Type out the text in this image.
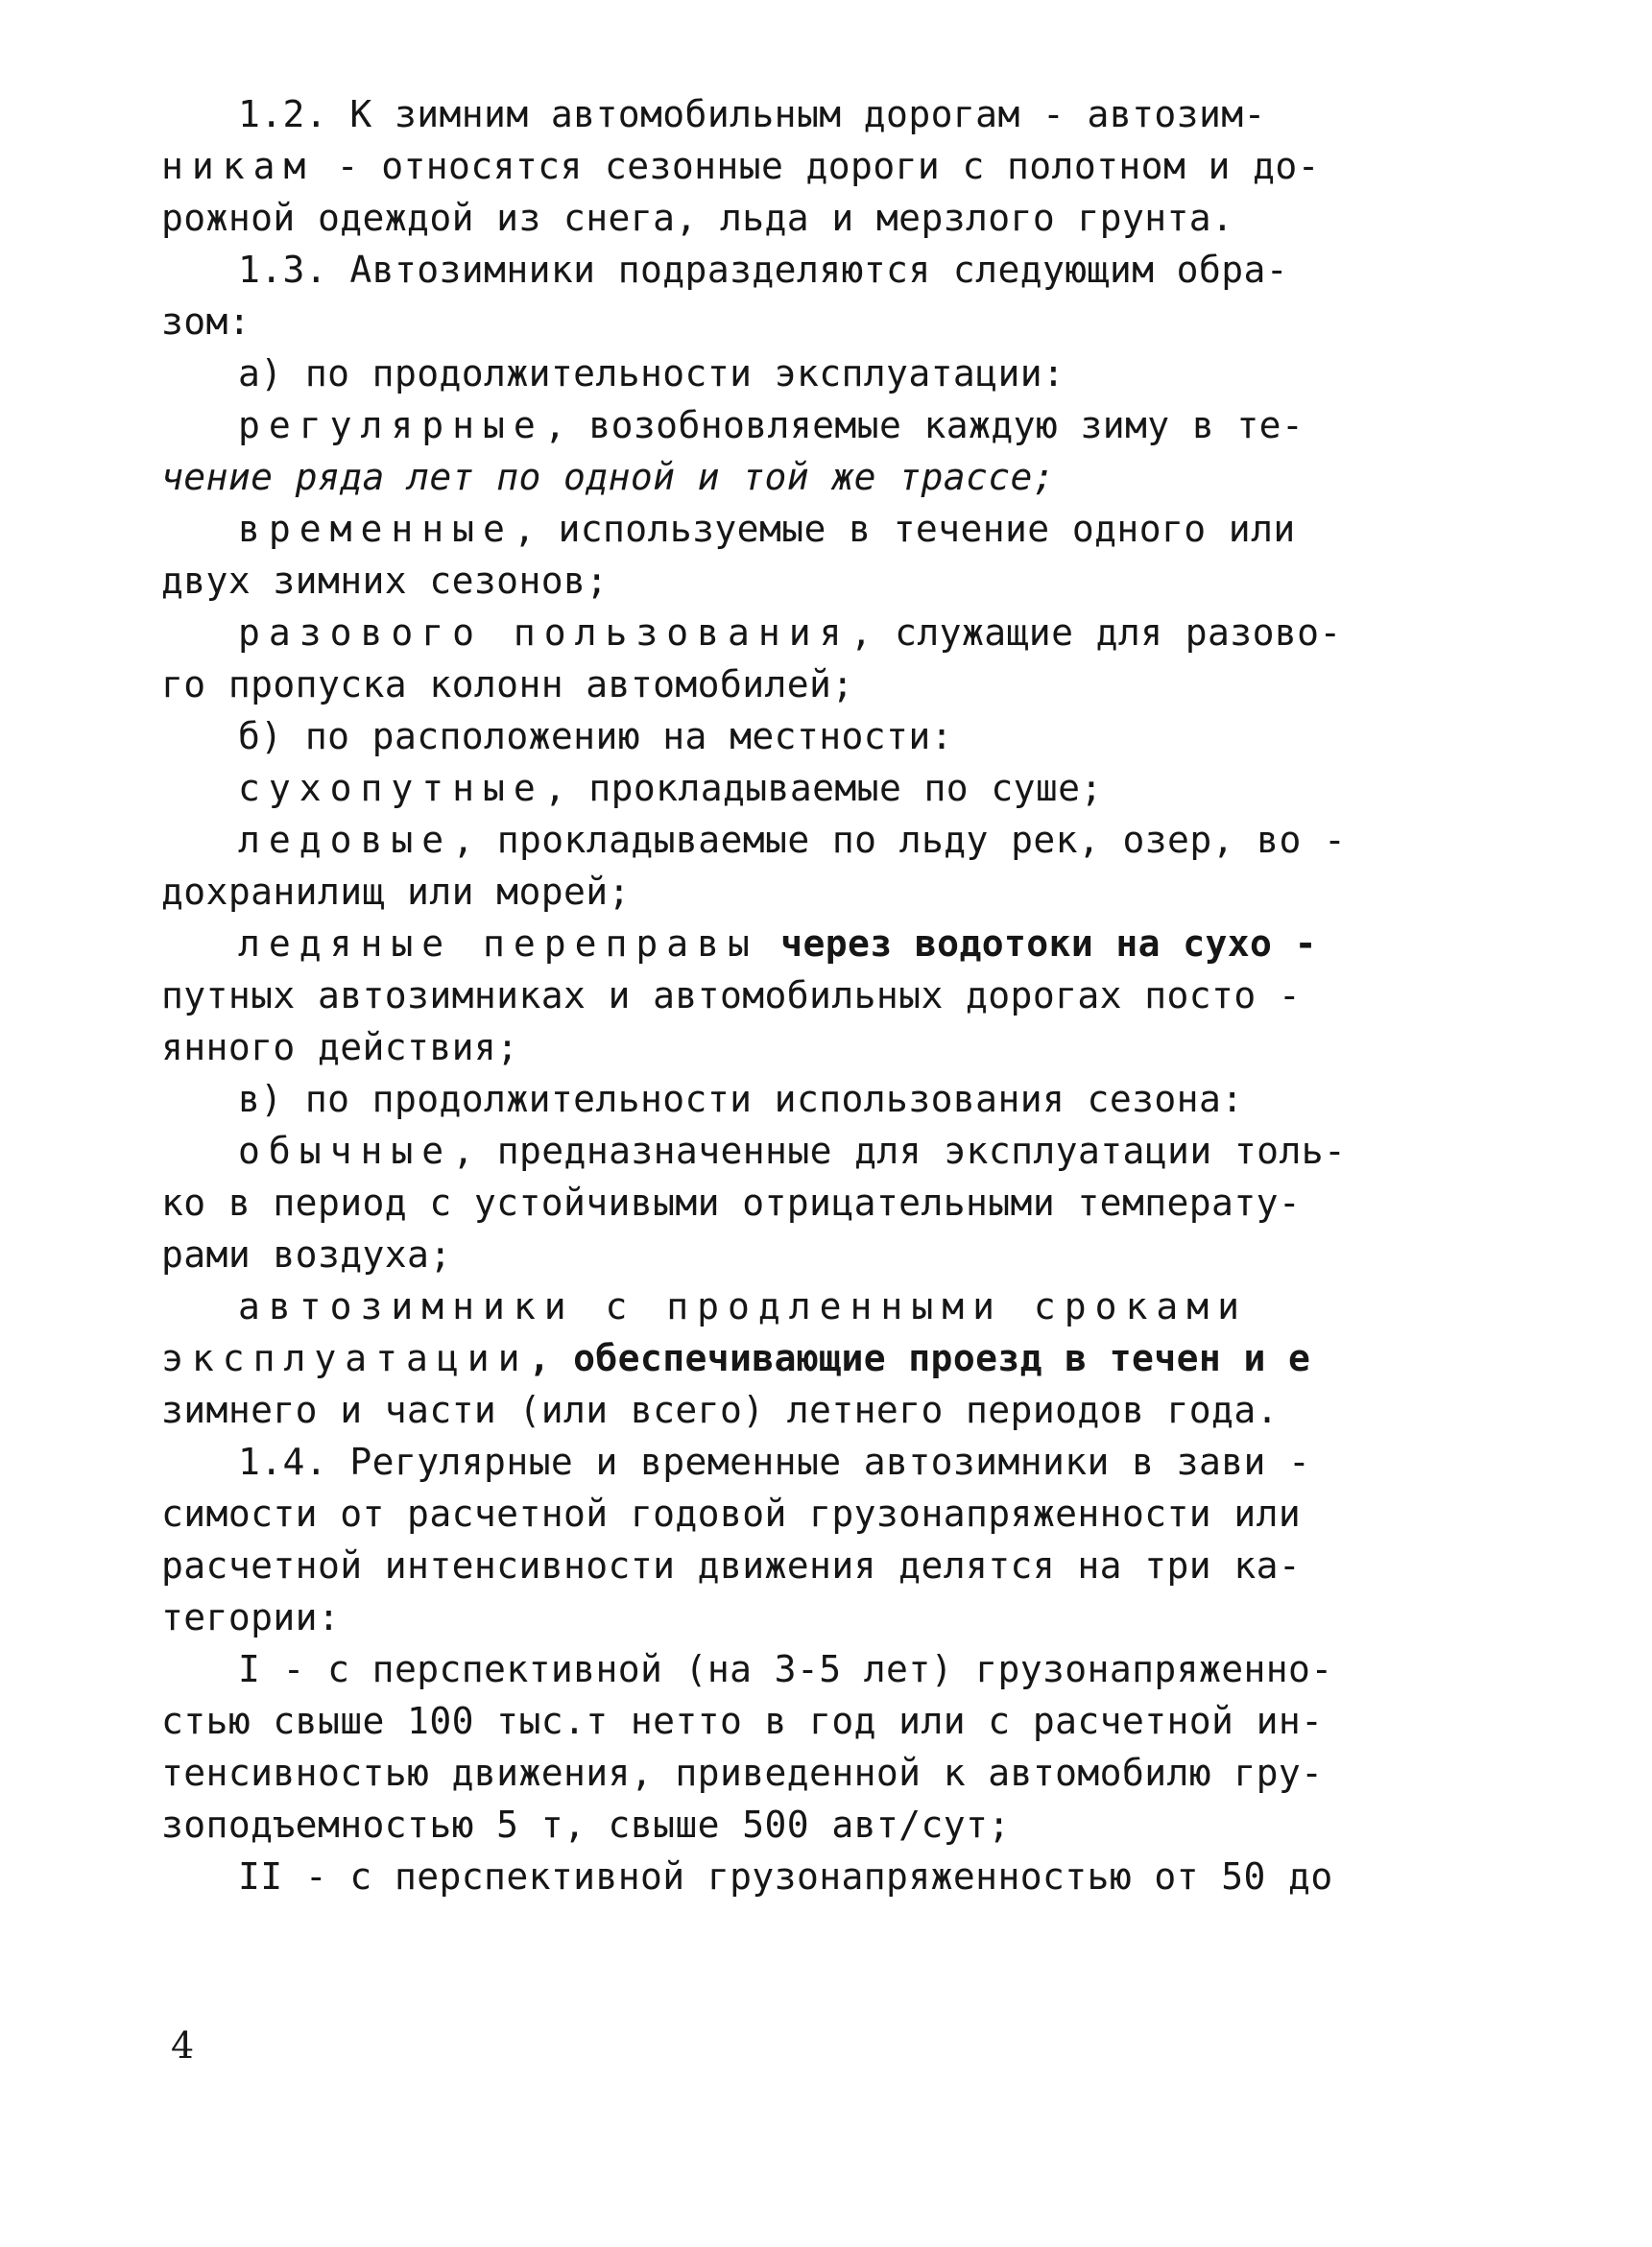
1.2. К зимним автомобильным дорогам - автозим-
никам - относятся сезонные дороги с полотном и до-
рожной одеждой из снега, льда и мерзлого грунта.
1.3. Автозимники подразделяются следующим обра-
зом:
а) по продолжительности эксплуатации:
регулярные, возобновляемые каждую зиму в те-
чение ряда лет по одной и той же трассе;
временные, используемые в течение одного или
двух зимних сезонов;
разового пользования, служащие для разово-
го пропуска колонн автомобилей;
б) по расположению на местности:
сухопутные, прокладываемые по суше;
ледовые, прокладываемые по льду рек, озер, во -
дохранилищ или морей;
ледяные переправы через водотоки на сухо -
путных автозимниках и автомобильных дорогах посто -
янного действия;
в) по продолжительности использования сезона:
обычные, предназначенные для эксплуатации толь-
ко в период с устойчивыми отрицательными температу-
рами воздуха;
автозимники с продленными сроками
эксплуатации, обеспечивающие проезд в течен и е
зимнего и части (или всего) летнего периодов года.
1.4. Регулярные и временные автозимники в зави -
симости от расчетной годовой грузонапряженности или
расчетной интенсивности движения делятся на три ка-
тегории:
I - с перспективной (на 3-5 лет) грузонапряженно-
стью свыше 100 тыс.т нетто в год или с расчетной ин-
тенсивностью движения, приведенной к автомобилю гру-
зоподъемностью 5 т, свыше 500 авт/сут;
II - с перспективной грузонапряженностью от 50 до
4
